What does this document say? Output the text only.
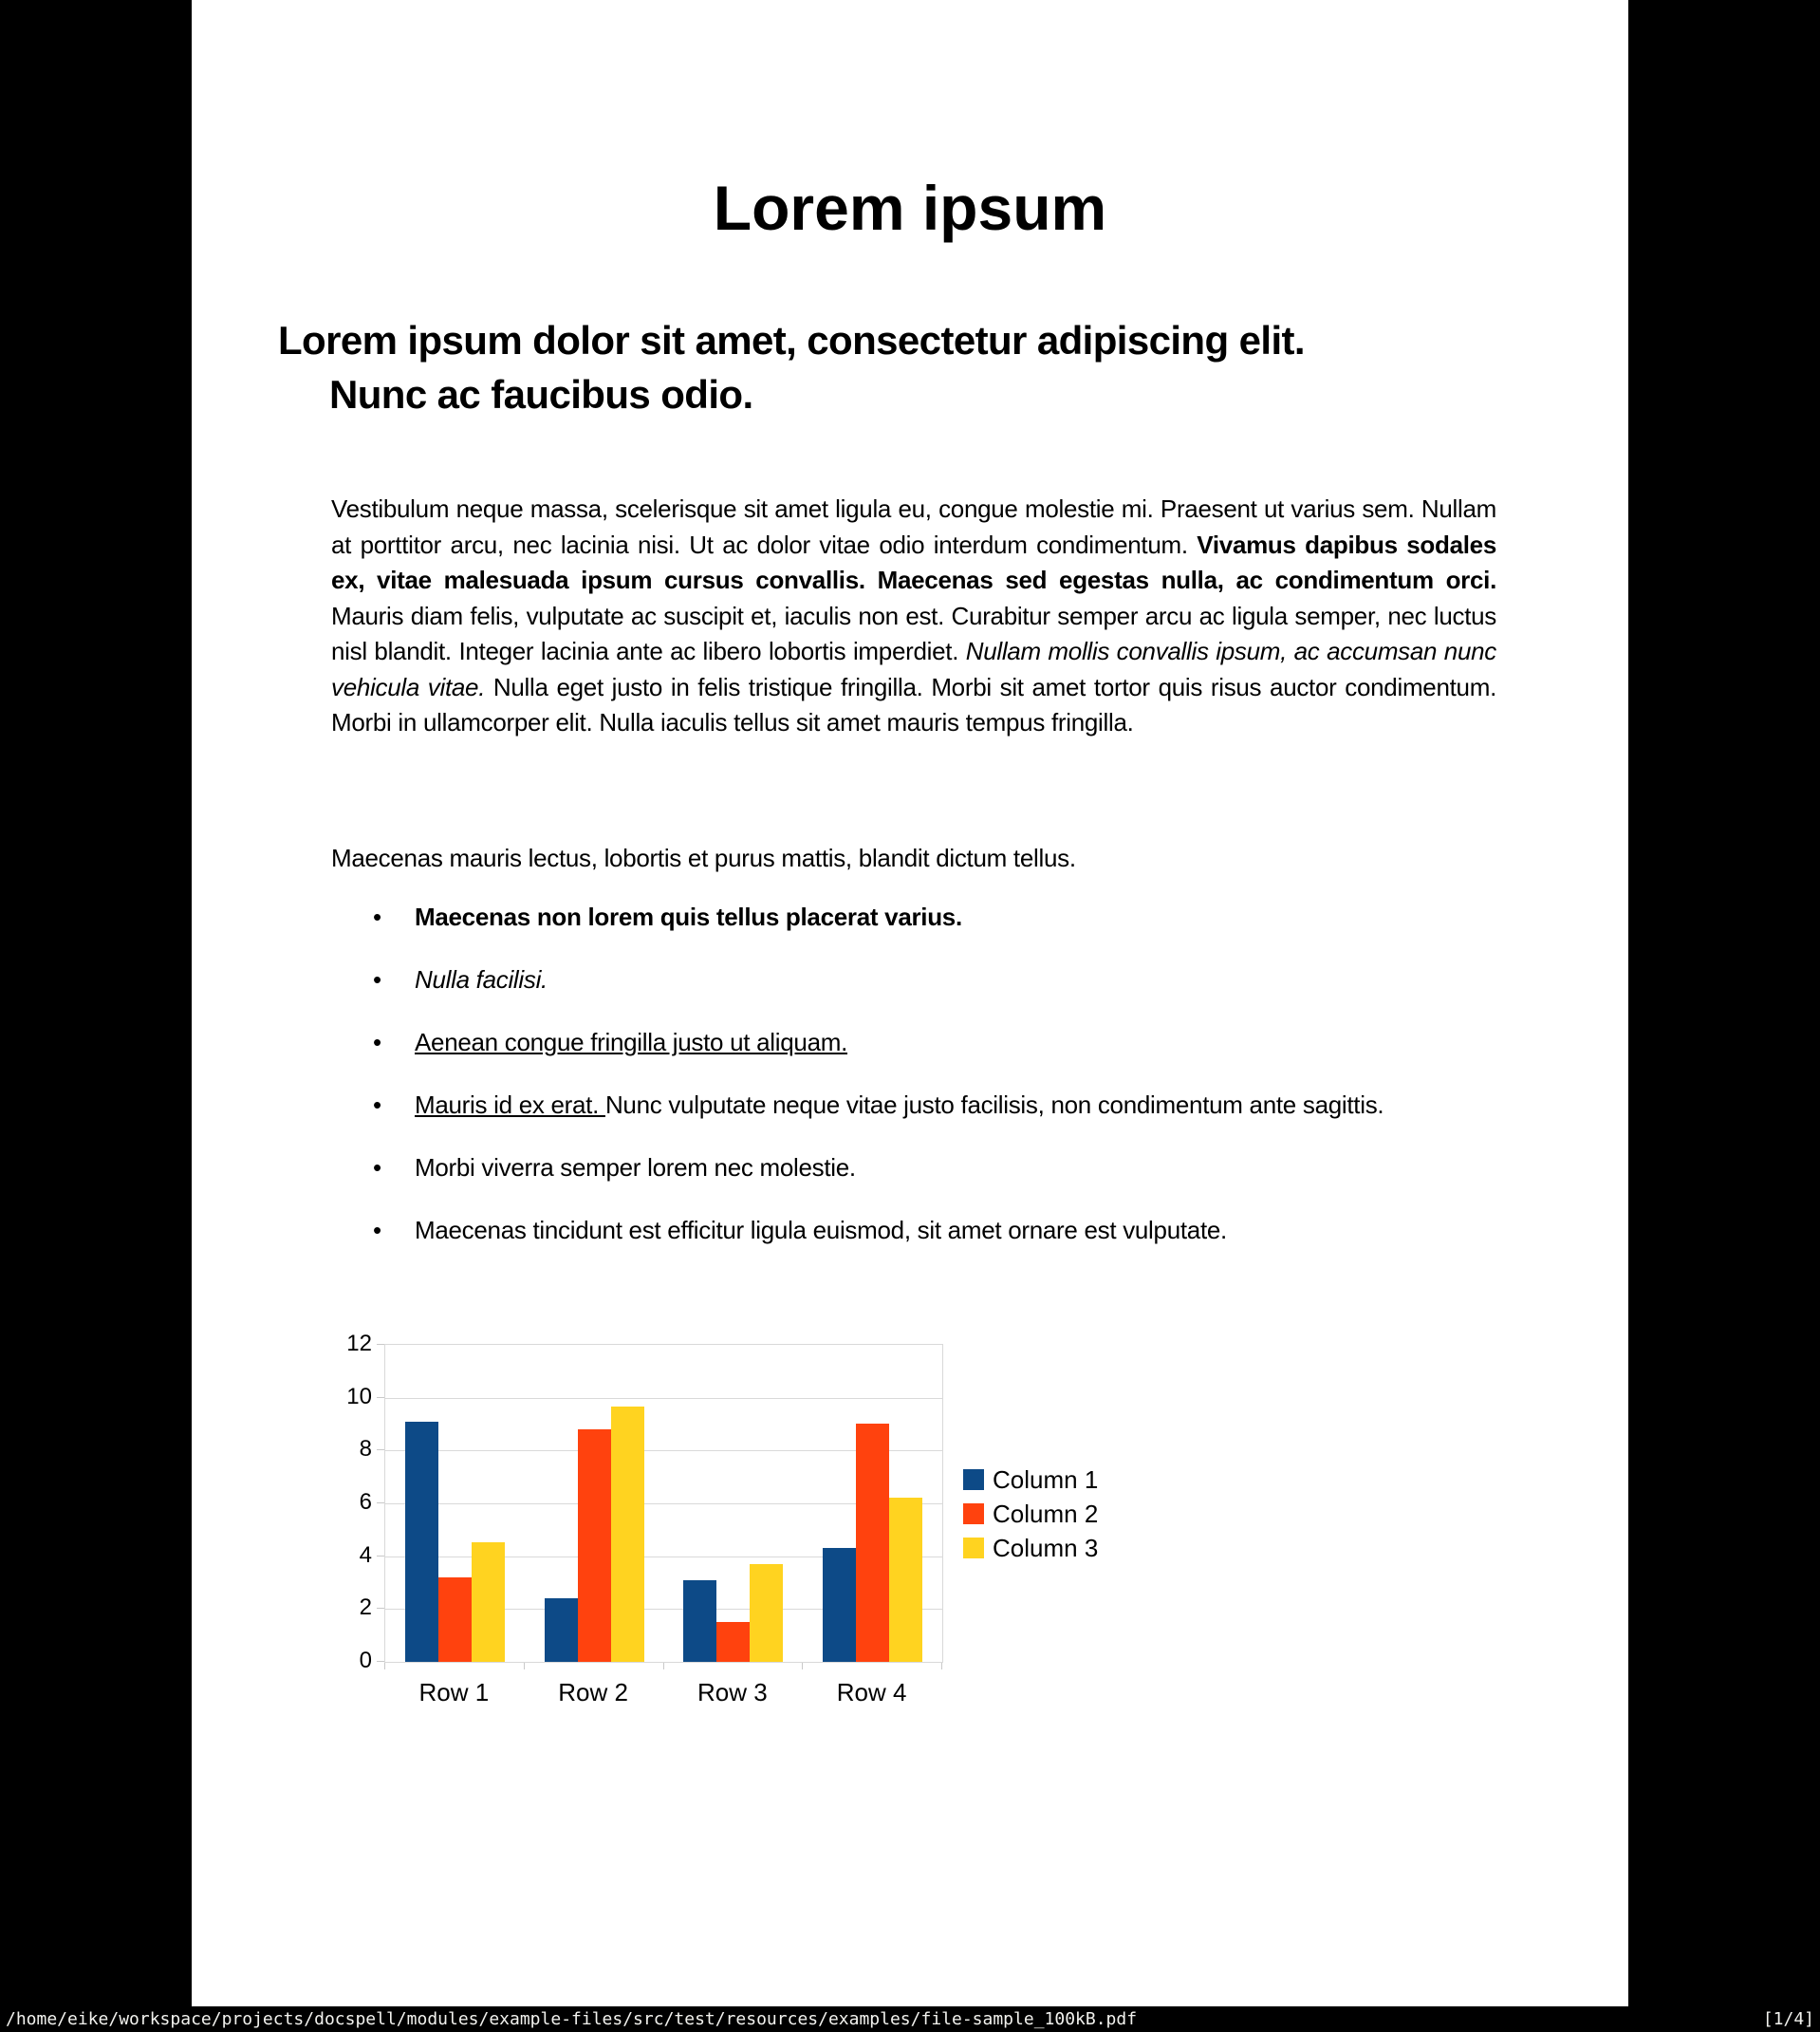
Lorem ipsum
Lorem ipsum dolor sit amet, consectetur adipiscing elit.
Nunc ac faucibus odio.

Vestibulum neque massa, scelerisque sit amet ligula eu, congue molestie mi. Praesent ut varius sem. Nullam at porttitor arcu, nec lacinia nisi. Ut ac dolor vitae odio interdum condimentum. Vivamus dapibus sodales ex, vitae malesuada ipsum cursus convallis. Maecenas sed egestas nulla, ac condimentum orci. Mauris diam felis, vulputate ac suscipit et, iaculis non est. Curabitur semper arcu ac ligula semper, nec luctus nisl blandit. Integer lacinia ante ac libero lobortis imperdiet. Nullam mollis convallis ipsum, ac accumsan nunc vehicula vitae. Nulla eget justo in felis tristique fringilla. Morbi sit amet tortor quis risus auctor condimentum. Morbi in ullamcorper elit. Nulla iaculis tellus sit amet mauris tempus fringilla.

Maecenas mauris lectus, lobortis et purus mattis, blandit dictum tellus.

•	Maecenas non lorem quis tellus placerat varius.
•	Nulla facilisi.
•	Aenean congue fringilla justo ut aliquam.
•	Mauris id ex erat. Nunc vulputate neque vitae justo facilisis, non condimentum ante sagittis.
•	Morbi viverra semper lorem nec molestie.
•	Maecenas tincidunt est efficitur ligula euismod, sit amet ornare est vulputate.
Column 1
Column 2
Column 3
0
2
4
6
8
10
12
Row 1	Row 2	Row 3	Row 4
/home/eike/workspace/projects/docspell/modules/example-files/src/test/resources/examples/file-sample_100kB.pdf	[1/4]
